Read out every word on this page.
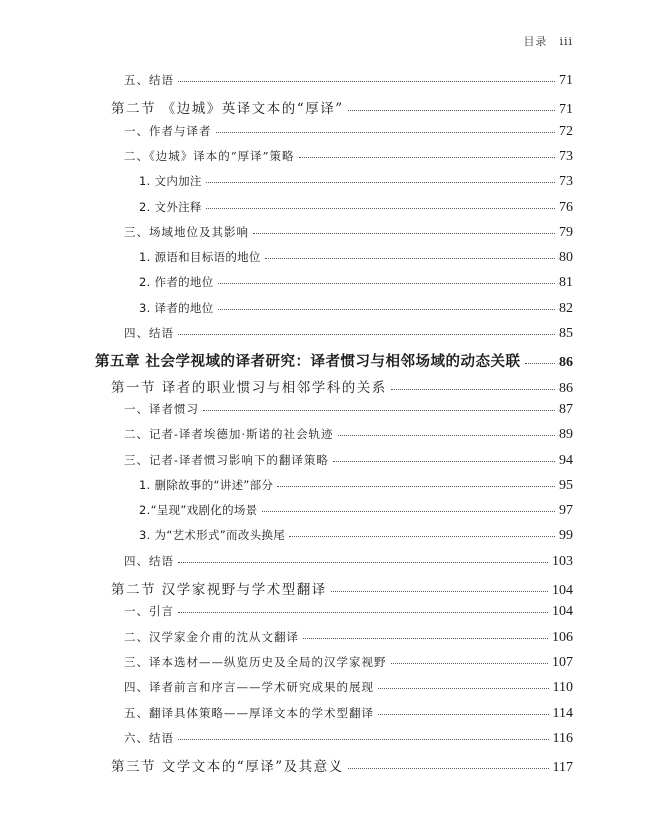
目录 iii
五、结语	71
第二节 《边城》英译文本的“厚译”	71
一、作者与译者	72
二、《边城》译本的“厚译”策略	73
1. 文内加注	73
2. 文外注释	76
三、场域地位及其影响	79
1. 源语和目标语的地位	80
2. 作者的地位	81
3. 译者的地位	82
四、结语	85
第五章 社会学视域的译者研究：译者惯习与相邻场域的动态关联	86
第一节 译者的职业惯习与相邻学科的关系	86
一、译者惯习	87
二、记者-译者埃德加·斯诺的社会轨迹	89
三、记者-译者惯习影响下的翻译策略	94
1. 删除故事的“讲述”部分	95
2.“呈现”戏剧化的场景	97
3. 为“艺术形式”而改头换尾	99
四、结语	103
第二节 汉学家视野与学术型翻译	104
一、引言	104
二、汉学家金介甫的沈从文翻译	106
三、译本选材——纵览历史及全局的汉学家视野	107
四、译者前言和序言——学术研究成果的展现	110
五、翻译具体策略——厚译文本的学术型翻译	114
六、结语	116
第三节 文学文本的“厚译”及其意义	117
